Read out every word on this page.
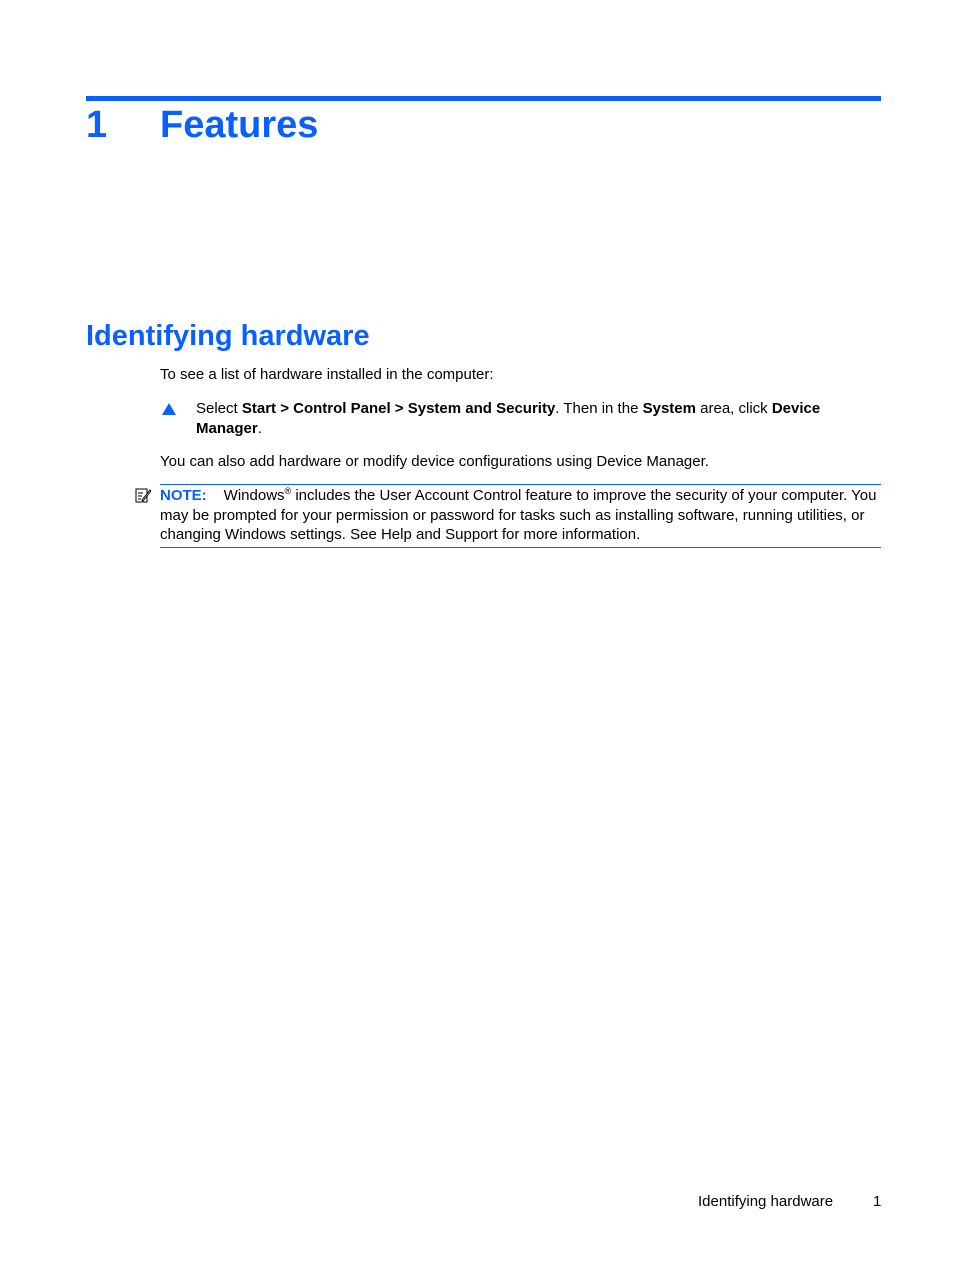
1 Features
Identifying hardware

To see a list of hardware installed in the computer:

Select Start > Control Panel > System and Security. Then in the System area, click Device Manager.

You can also add hardware or modify device configurations using Device Manager.

NOTE: Windows® includes the User Account Control feature to improve the security of your computer. You may be prompted for your permission or password for tasks such as installing software, running utilities, or changing Windows settings. See Help and Support for more information.

Identifying hardware	1
